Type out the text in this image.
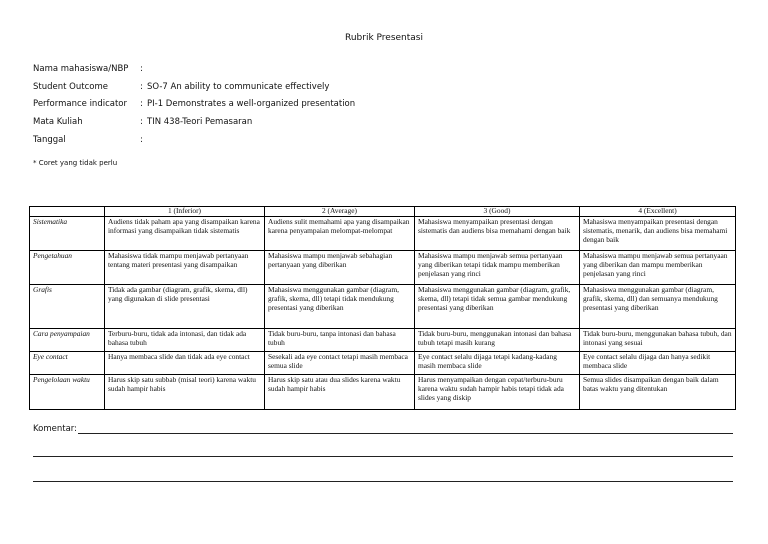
Rubrik Presentasi
Nama mahasiswa/NBP :
Student Outcome	: SO-7 An ability to communicate effectively
Performance indicator : PI-1 Demonstrates a well-organized presentation
Mata Kuliah	: TIN 438-Teori Pemasaran
Tanggal	:
* Coret yang tidak perlu
	1 (Inferior)	2 (Average)	3 (Good)	4 (Excellent)
Sistematika	Audiens tidak paham apa yang disampaikan karena informasi yang disampaikan tidak sistematis	Audiens sulit memahami apa yang disampaikan karena penyampaian melompat-melompat	Mahasiswa menyampaikan presentasi dengan sistematis dan audiens bisa memahami dengan baik	Mahasiswa menyampaikan presentasi dengan sistematis, menarik, dan audiens bisa memahami dengan baik
Pengetahuan	Mahasiswa tidak mampu menjawab pertanyaan tentang materi presentasi yang disampaikan	Mahasiswa mampu menjawab sebahagian pertanyaan yang diberikan	Mahasiswa mampu menjawab semua pertanyaan yang diberikan tetapi tidak mampu memberikan penjelasan yang rinci	Mahasiswa mampu menjawab semua pertanyaan yang diberikan dan mampu memberikan penjelasan yang rinci
Grafis	Tidak ada gambar (diagram, grafik, skema, dll) yang digunakan di slide presentasi	Mahasiswa menggunakan gambar (diagram, grafik, skema, dll) tetapi tidak mendukung presentasi yang diberikan	Mahasiswa menggunakan gambar (diagram, grafik, skema, dll) tetapi tidak semua gambar mendukung presentasi yang diberikan	Mahasiswa menggunakan gambar (diagram, grafik, skema, dll) dan semuanya mendukung presentasi yang diberikan
Cara penyampaian	Terburu-buru, tidak ada intonasi, dan tidak ada bahasa tubuh	Tidak buru-buru, tanpa intonasi dan bahasa tubuh	Tidak buru-buru, menggunakan intonasi dan bahasa tubuh tetapi masih kurang	Tidak buru-buru, menggunakan bahasa tubuh, dan intonasi yang sesuai
Eye contact	Hanya membaca slide dan tidak ada eye contact	Sesekali ada eye contact tetapi masih membaca semua slide	Eye contact selalu dijaga tetapi kadang-kadang masih membaca slide	Eye contact selalu dijaga dan hanya sedikit membaca slide
Pengelolaan waktu	Harus skip satu subbab (misal teori) karena waktu sudah hampir habis	Harus skip satu atau dua slides karena waktu sudah hampir habis	Harus menyampaikan dengan cepat/terburu-buru karena waktu sudah hampir habis tetapi tidak ada slides yang diskip	Semua slides disampaikan dengan baik dalam batas waktu yang ditentukan
Komentar:
